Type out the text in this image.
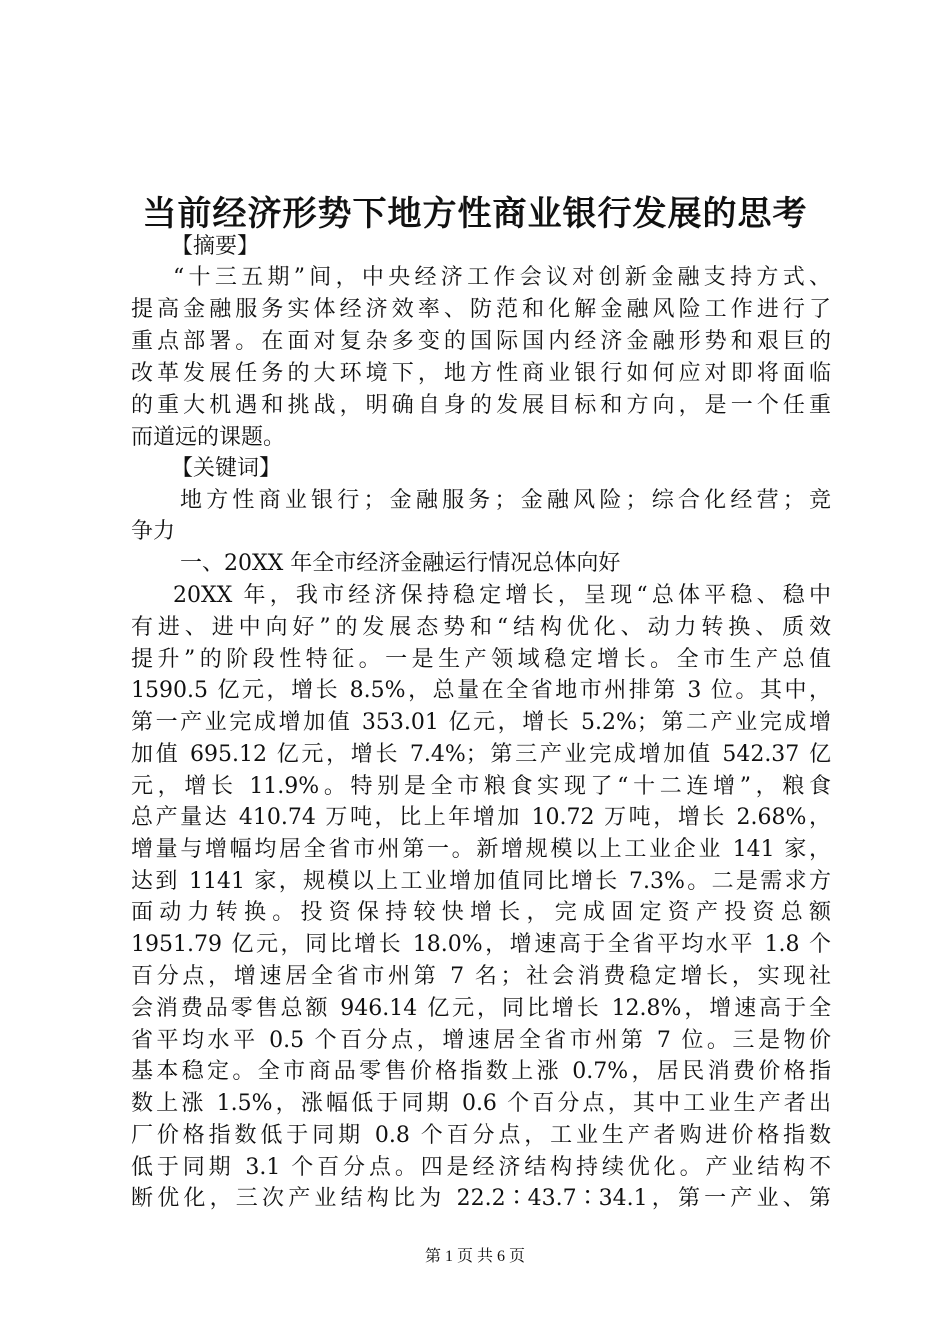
当前经济形势下地方性商业银行发展的思考
【摘要】
“十三五期”间，中央经济工作会议对创新金融支持方式、
提高金融服务实体经济效率、防范和化解金融风险工作进行了
重点部署。在面对复杂多变的国际国内经济金融形势和艰巨的
改革发展任务的大环境下，地方性商业银行如何应对即将面临
的重大机遇和挑战，明确自身的发展目标和方向，是一个任重
而道远的课题。
【关键词】
地方性商业银行；金融服务；金融风险；综合化经营；竞
争力
一、20XX 年全市经济金融运行情况总体向好
20XX 年，我市经济保持稳定增长，呈现“总体平稳、稳中
有进、进中向好”的发展态势和“结构优化、动力转换、质效
提升”的阶段性特征。一是生产领域稳定增长。全市生产总值
1590.5 亿元，增长 8.5%，总量在全省地市州排第 3 位。其中，
第一产业完成增加值 353.01 亿元，增长 5.2%；第二产业完成增
加值 695.12 亿元，增长 7.4%；第三产业完成增加值 542.37 亿
元，增长 11.9%。特别是全市粮食实现了“十二连增”，粮食
总产量达 410.74 万吨，比上年增加 10.72 万吨，增长 2.68%，
增量与增幅均居全省市州第一。新增规模以上工业企业 141 家，
达到 1141 家，规模以上工业增加值同比增长 7.3%。二是需求方
面动力转换。投资保持较快增长，完成固定资产投资总额
1951.79 亿元，同比增长 18.0%，增速高于全省平均水平 1.8 个
百分点，增速居全省市州第 7 名；社会消费稳定增长，实现社
会消费品零售总额 946.14 亿元，同比增长 12.8%，增速高于全
省平均水平 0.5 个百分点，增速居全省市州第 7 位。三是物价
基本稳定。全市商品零售价格指数上涨 0.7%，居民消费价格指
数上涨 1.5%，涨幅低于同期 0.6 个百分点，其中工业生产者出
厂价格指数低于同期 0.8 个百分点，工业生产者购进价格指数
低于同期 3.1 个百分点。四是经济结构持续优化。产业结构不
断优化，三次产业结构比为 22.2∶43.7∶34.1，第一产业、第
第 1 页 共 6 页
